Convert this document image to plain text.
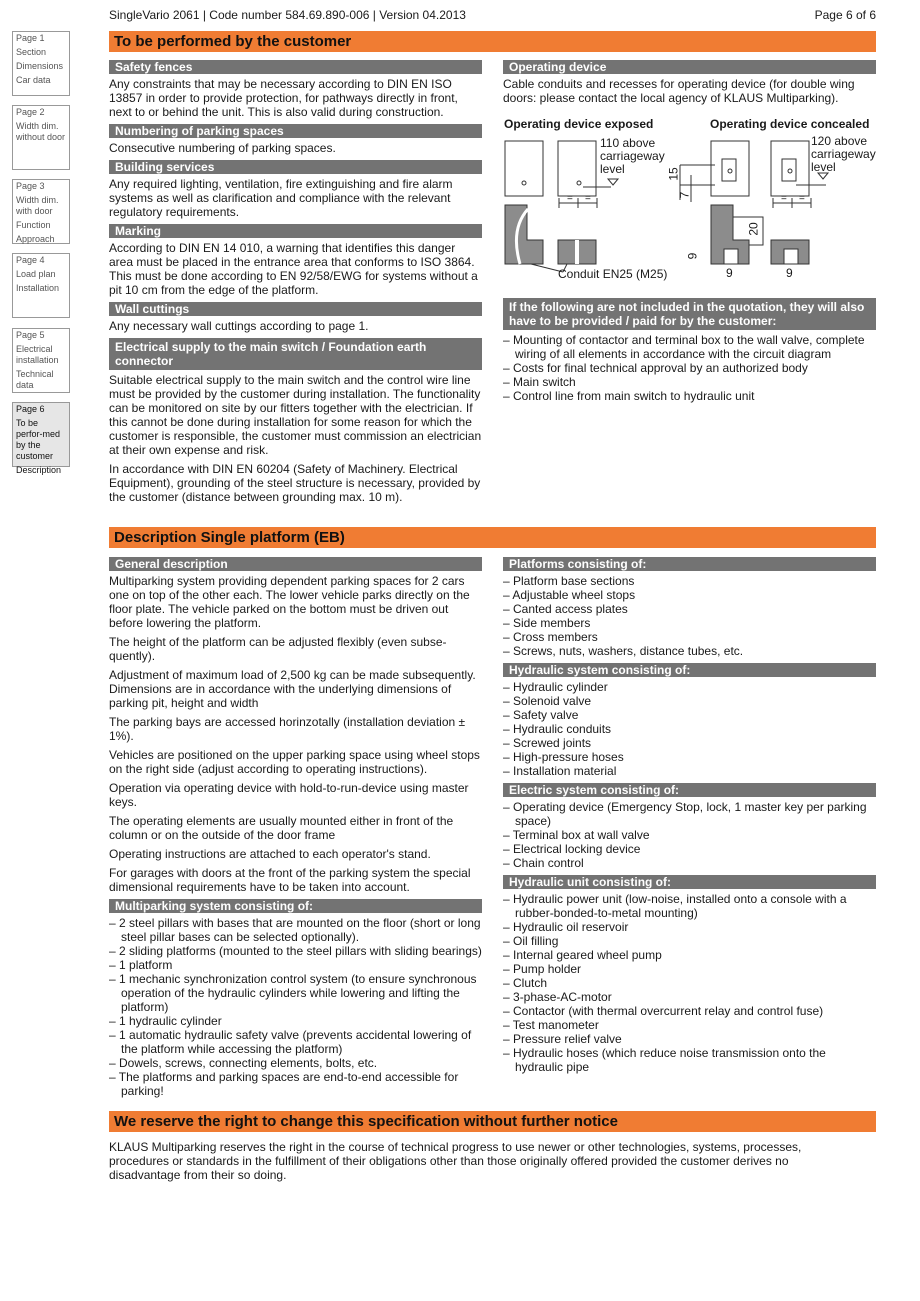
SingleVario 2061 | Code number 584.69.890-006 | Version 04.2013	Page 6 of 6
Page 1
Section
Dimensions
Car data
Page 2
Width dim. without door
Page 3
Width dim. with door
Function
Approach
Page 4
Load plan
Installation
Page 5
Electrical installation
Technical data
Page 6
To be perfor-med by the customer
Description
To be performed by the customer
Safety fences
Any constraints that may be necessary according to DIN EN ISO 13857 in order to provide protection, for pathways directly in front, next to or behind the unit. This is also valid during construction.
Numbering of parking spaces
Consecutive numbering of parking spaces.
Building services
Any required lighting, ventilation, fire extinguishing and fire alarm systems as well as clarification and compliance with the relevant regulatory requirements.
Marking
According to DIN EN 14 010, a warning that identifies this danger area must be placed in the entrance area that conforms to ISO 3864. This must be done according to EN 92/58/EWG for systems without a pit 10 cm from the edge of the platform.
Wall cuttings
Any necessary wall cuttings according to page 1.
Electrical supply to the main switch / Foundation earth connector
Suitable electrical supply to the main switch and the control wire line must be provided by the customer during installation. The functionality can be monitored on site by our fitters together with the electrician. If this cannot be done during installation for some reason for which the customer is responsible, the customer must commission an electrician at their own expense and risk.
In accordance with DIN EN 60204 (Safety of Machinery. Electrical Equipment), grounding of the steel structure is necessary, provided by the customer (distance between grounding max. 10 m).
Operating device
Cable conduits and recesses for operating device (for double wing doors: please contact the local agency of KLAUS Multiparking).
Operating device exposed	Operating device concealed
110 above
carriageway
level
120 above
carriageway
level
= =	= =
15
7
20
9
9	9
Conduit EN25 (M25)
If the following are not included in the quotation, they will also have to be provided / paid for by the customer:
– Mounting of contactor and terminal box to the wall valve, complete wiring of all elements in accordance with the circuit diagram
– Costs for final technical approval by an authorized body
– Main switch
– Control line from main switch to hydraulic unit
Description Single platform (EB)
General description
Multiparking system providing dependent parking spaces for 2 cars one on top of the other each. The lower vehicle parks directly on the floor plate. The vehicle parked on the bottom must be driven out before lowering the platform.
The height of the platform can be adjusted flexibly (even subse-quently).
Adjustment of maximum load of 2,500 kg can be made subsequently. Dimensions are in accordance with the underlying dimensions of parking pit, height and width
The parking bays are accessed horinzotally (installation deviation ± 1%).
Vehicles are positioned on the upper parking space using wheel stops on the right side (adjust according to operating instructions).
Operation via operating device with hold-to-run-device using master keys.
The operating elements are usually mounted either in front of the column or on the outside of the door frame
Operating instructions are attached to each operator's stand.
For garages with doors at the front of the parking system the special dimensional requirements have to be taken into account.
Multiparking system consisting of:
– 2 steel pillars with bases that are mounted on the floor (short or long steel pillar bases can be selected optionally).
– 2 sliding platforms (mounted to the steel pillars with sliding bearings)
– 1 platform
– 1 mechanic synchronization control system (to ensure synchronous operation of the hydraulic cylinders while lowering and lifting the platform)
– 1 hydraulic cylinder
– 1 automatic hydraulic safety valve (prevents accidental lowering of the platform while accessing the platform)
– Dowels, screws, connecting elements, bolts, etc.
– The platforms and parking spaces are end-to-end accessible for parking!
Platforms consisting of:
– Platform base sections
– Adjustable wheel stops
– Canted access plates
– Side members
– Cross members
– Screws, nuts, washers, distance tubes, etc.
Hydraulic system consisting of:
– Hydraulic cylinder
– Solenoid valve
– Safety valve
– Hydraulic conduits
– Screwed joints
– High-pressure hoses
– Installation material
Electric system consisting of:
– Operating device (Emergency Stop, lock, 1 master key per parking space)
– Terminal box at wall valve
– Electrical locking device
– Chain control
Hydraulic unit consisting of:
– Hydraulic power unit (low-noise, installed onto a console with a rubber-bonded-to-metal mounting)
– Hydraulic oil reservoir
– Oil filling
– Internal geared wheel pump
– Pump holder
– Clutch
– 3-phase-AC-motor
– Contactor (with thermal overcurrent relay and control fuse)
– Test manometer
– Pressure relief valve
– Hydraulic hoses (which reduce noise transmission onto the hydraulic pipe
We reserve the right to change this specification without further notice
KLAUS Multiparking reserves the right in the course of technical progress to use newer or other technologies, systems, processes, procedures or standards in the fulfillment of their obligations other than those originally offered provided the customer derives no disadvantage from their so doing.
